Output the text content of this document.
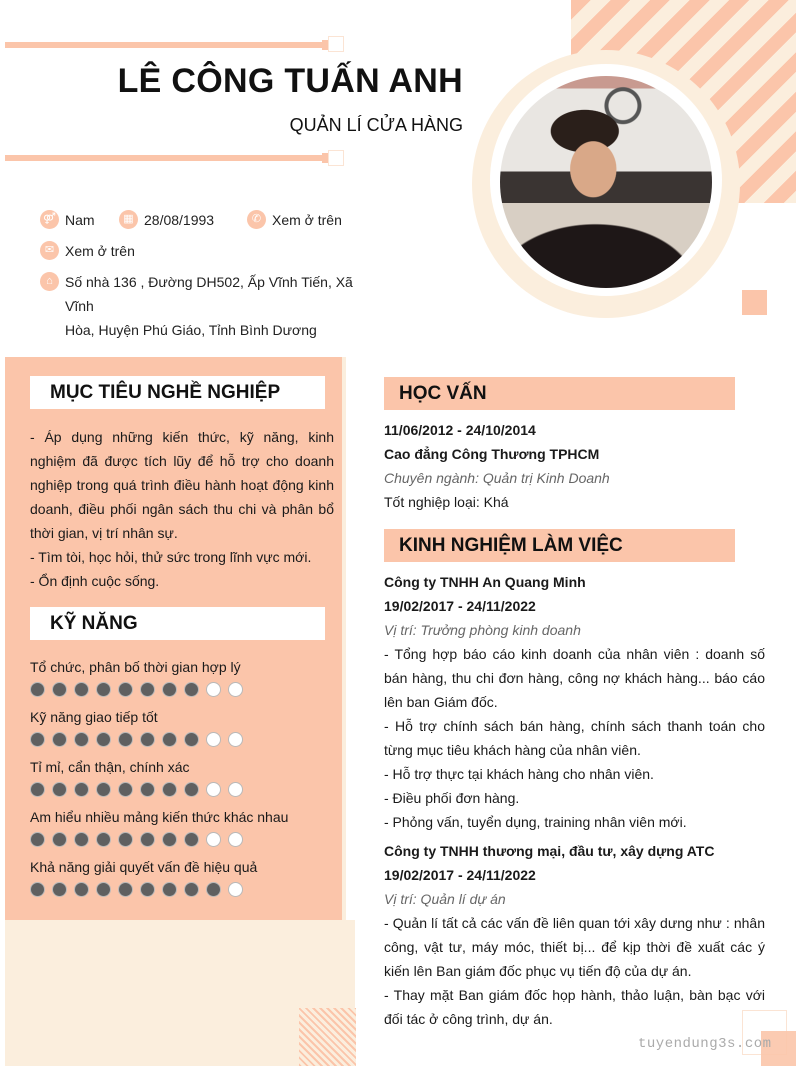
LÊ CÔNG TUẤN ANH
QUẢN LÍ CỬA HÀNG
⚤ Nam	▦ 28/08/1993	✆ Xem ở trên
✉ Xem ở trên
⌂ Số nhà 136 , Đường DH502, Ấp Vĩnh Tiến, Xã Vĩnh
Hòa, Huyện Phú Giáo, Tỉnh Bình Dương
MỤC TIÊU NGHỀ NGHIỆP
- Áp dụng những kiến thức, kỹ năng, kinh nghiệm đã được tích lũy để hỗ trợ cho doanh nghiệp trong quá trình điều hành hoạt động kinh doanh, điều phối ngân sách thu chi và phân bổ thời gian, vị trí nhân sự.
- Tìm tòi, học hỏi, thử sức trong lĩnh vực mới.
- Ổn định cuộc sống.
KỸ NĂNG
Tổ chức, phân bố thời gian hợp lý
Kỹ năng giao tiếp tốt
Tỉ mỉ, cẩn thận, chính xác
Am hiểu nhiều mảng kiến thức khác nhau
Khả năng giải quyết vấn đề hiệu quả
HỌC VẤN
11/06/2012 - 24/10/2014
Cao đẳng Công Thương TPHCM
Chuyên ngành: Quản trị Kinh Doanh
Tốt nghiệp loại: Khá
KINH NGHIỆM LÀM VIỆC
Công ty TNHH An Quang Minh
19/02/2017 - 24/11/2022
Vị trí: Trưởng phòng kinh doanh
- Tổng hợp báo cáo kinh doanh của nhân viên : doanh số bán hàng, thu chi đơn hàng, công nợ khách hàng... báo cáo lên ban Giám đốc.
- Hỗ trợ chính sách bán hàng, chính sách thanh toán cho từng mục tiêu khách hàng của nhân viên.
- Hỗ trợ thực tại khách hàng cho nhân viên.
- Điều phối đơn hàng.
- Phỏng vấn, tuyển dụng, training nhân viên mới.
Công ty TNHH thương mại, đầu tư, xây dựng ATC
19/02/2017 - 24/11/2022
Vị trí: Quản lí dự án
- Quản lí tất cả các vấn đề liên quan tới xây dưng như : nhân công, vật tư, máy móc, thiết bị... để kịp thời đề xuất các ý kiến lên Ban giám đốc phục vụ tiến độ của dự án.
- Thay mặt Ban giám đốc họp hành, thảo luận, bàn bạc với đối tác ở công trình, dự án.
tuyendung3s.com
